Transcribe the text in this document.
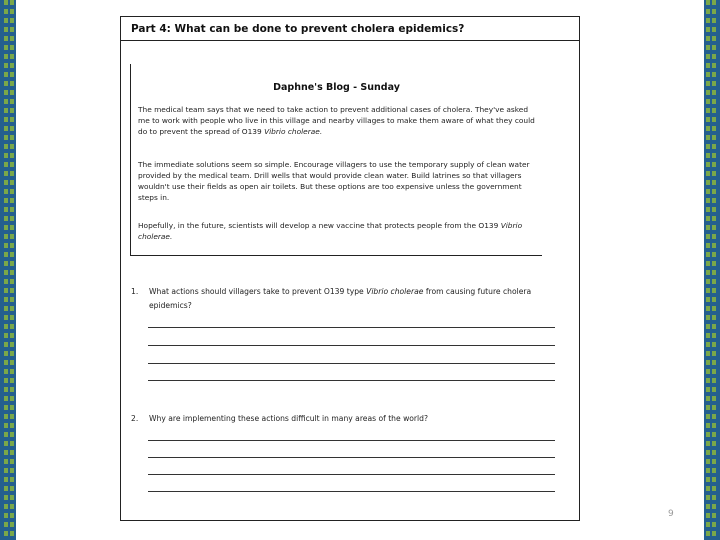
Part 4: What can be done to prevent cholera epidemics?
Daphne's Blog - Sunday

The medical team says that we need to take action to prevent additional cases of cholera. They've asked me to work with people who live in this village and nearby villages to make them aware of what they could do to prevent the spread of O139 Vibrio cholerae.

The immediate solutions seem so simple. Encourage villagers to use the temporary supply of clean water provided by the medical team. Drill wells that would provide clean water. Build latrines so that villagers wouldn't use their fields as open air toilets. But these options are too expensive unless the government steps in.

Hopefully, in the future, scientists will develop a new vaccine that protects people from the O139 Vibrio cholerae.

1. What actions should villagers take to prevent O139 type Vibrio cholerae from causing future cholera epidemics?
2. Why are implementing these actions difficult in many areas of the world?
9
